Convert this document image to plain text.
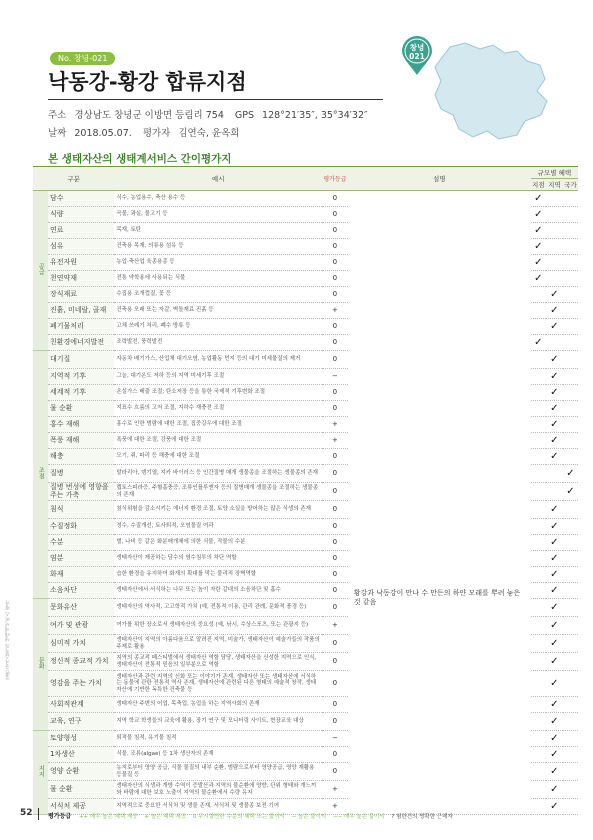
일반·국가습지의 생태계서비스 평가
No. 창녕-021
낙동강-황강 합류지점
주소 경상남도 창녕군 이방면 등림리 754 GPS 128°21′35″, 35°34′32″
날짜 2018.05.07. 평가자 김연숙, 윤옥희
창녕
021
본 생태자산의 생태계서비스 간이평가지
구분		예시	평가등급	설명	규모별 혜택		
					지점	지역	국가
공급	담수	식수, 농업용수, 축산 용수 등	0	황강과 낙동강이 만나 수 만든의 하얀 모래를 뿌려 놓은 것 같음	✓		
	식량	곡물, 과실, 물고기 등	0		✓		
	연료	목재, 토탄	0		✓		
	섬유	건축용 목재, 의류용 섬유 등	0		✓		
	유전자원	농업·축산업 육종용종 등	0		✓		
	천연약재	전통 약학용에 사용되는 식물	0		✓		
	장식재료	수집용 조개껍질, 꽃 등	0			✓	
	진흙, 미네랄, 골재	건축용 모래 또는 자갈, 벽돌재료 진흙 등	+			✓	
	폐기물처리	고체 쓰레기 처리, 폐수 방류 등	0			✓	
	친환경에너지발전	조력발전, 풍력발전	0		✓		
조절	대기질	자동차 배기가스, 산업체 대기오염, 농업활동 먼지 등의 대기 미세물질의 제거	0			✓	
	지역적 기후	그늘, 대기온도 저하 등의 지역 미세기후 조절	−			✓	
	세계적 기후	온실가스 배출 조절; 탄소저장 등을 통한 국제적 기후변화 조절	0			✓	
	물 순환	지표수 흐름의 고저 조절, 지하수 재충전 조절	0			✓	
	홍수 재해	홍수로 인한 범람에 대한 조절, 집중강우에 대한 조절	+			✓	
	폭풍 재해	폭풍에 대한 조절, 강풍에 대한 조절	+			✓	
	해충	모기, 쥐, 파리 등 해충에 대한 조절	0			✓	
	질병	말라리아, 뎅기열, 지카 바이러스 등 인간질병 매개 생물종을 조절하는 생물종의 존재	0				✓
	질병 번성에 영향을 주는 가축	렙토스피라증, 주혈흡충증, 조류인플루엔자 등의 질병매개 생물종을 조절하는 생물종의 존재	0				✓
	침식	침식위험을 감소시키는 에너지 환경 조절, 토양 소실을 방어하는 많은 식생의 존재	0			✓	
	수질정화	정수, 수질개선, 토사퇴적, 오염물질 여과	0			✓	
	수분	벌, 나비 등 같은 화분매개체에 의한 식물, 작물의 수분	0			✓	
	염분	생태자산이 제공하는 담수의 염수침투의 차단 역할	0			✓	
	화재	습한 환경을 유지하여 화재의 확대를 막는 물리적 장벽역할	0			✓	
	소음차단	생태자산에서 서식하는 나무 또는 높이 자란 갈대의 소음차단 및 흡수	0			✓	
문화	문화유산	생태자산의 역사적, 고고학적 가치 (예, 전통적 이용, 관리 관례, 문화적 풍경 등)	0			✓	
	여가 및 관광	여가를 위한 장소로서 생태자산의 중요성 (예, 낚시, 수상스포츠, 또는 관광지 등)	+			✓	
	심미적 가치	생태자산이 지역의 아름다움으로 알려진 지역, 미술가, 생태자산이 예술가들의 작품의 주제로 활용	0			✓	
	정신적 종교적 가치	지역의 종교적 페스티벌에서 생태자산 역할 담당, 생태자산을 신성한 지역으로 인식, 생태자산이 전통적 믿음의 일부분으로 역할	0			✓	
	영감을 주는 가치	생태자산과 관련 지역의 신화 또는 이야기가 존재, 생태자산 또는 생태자산에 서식하는 동물에 관한 전통적 역사 존재, 생태자산에 관련된 다른 형태의 예술적 창작, 생태자산에 기반한 독특한 건축물 등	0			✓	
	사회적관계	생태자산 주변의 어업, 목축업, 농업을 하는 지역사회의 존재	0			✓	
	교육, 연구	지역 학교 학생들의 교육에 활용, 장기 연구 및 모니터링 사이트, 현장교육 대상	0			✓	
지지	토양형성	퇴적물 침적, 유기물 침적	−			✓	
	1차생산	식물, 조류(algae) 등 1차 생산자의 존재	0			✓	
	영양 순환	농지로부터 영양 공급, 식물 물질의 내부 순환, 범람으로부터 영양공급, 영양 재활용 등물질 등	0			✓	
	물 순환	생태자산의 식생과 개방 수역이 증발산과 지역의 물순환에 영향, 단위 형태와 개느끼와 바람에 대한 보호 노출이 지역의 물순환에서 수량 유지	+			✓	
	서식처 제공	지역적으로 중요한 서식처 및 생물 존재, 서식처 및 생물종 보전 기여	+			✓	
52	평가등급 ++ 매우 높은 혜택 제공 + 높은 혜택 제공 0 무시할만한 수준의 혜택 또는 불이익 − 높은 불이익 −− 매우 높은 불이익 ? 험한건의 명확한 근해자
